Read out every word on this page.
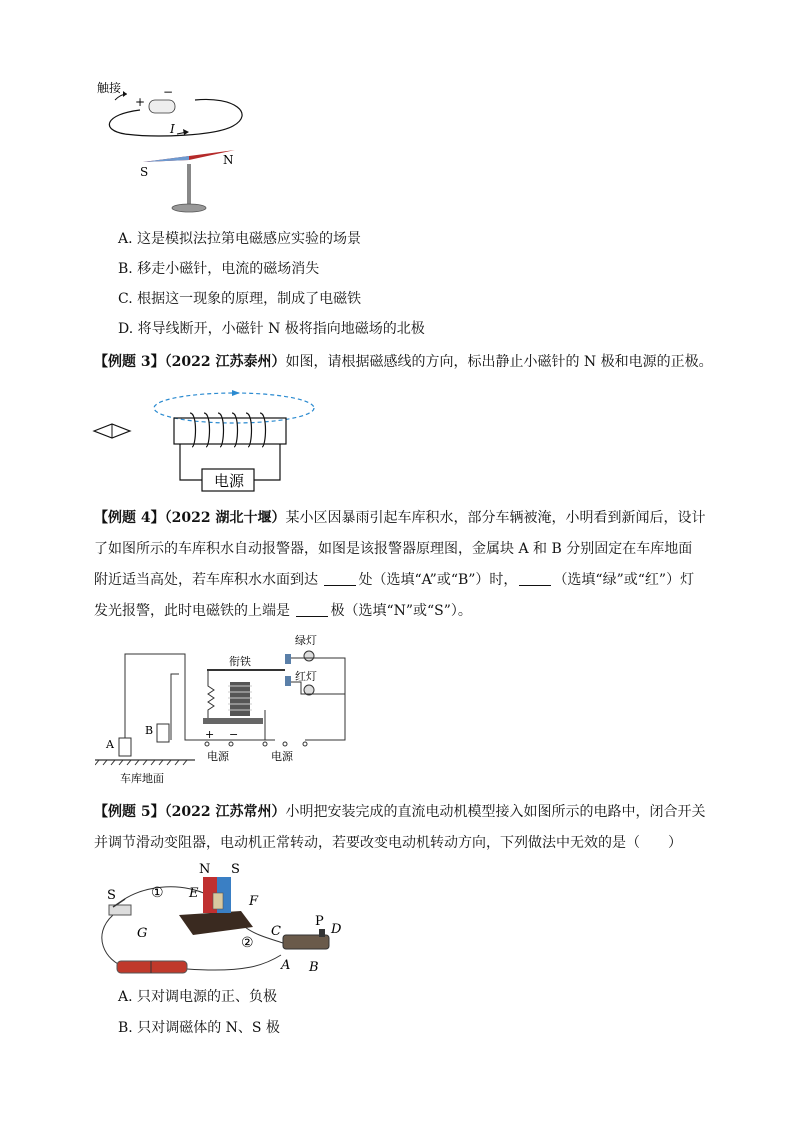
触接
+
−
I
S
N
A. 这是模拟法拉第电磁感应实验的场景
B. 移走小磁针，电流的磁场消失
C. 根据这一现象的原理，制成了电磁铁
D. 将导线断开，小磁针 N 极将指向地磁场的北极
【例题 3】（2022 江苏泰州）如图，请根据磁感线的方向，标出静止小磁针的 N 极和电源的正极。
电源
【例题 4】（2022 湖北十堰）某小区因暴雨引起车库积水，部分车辆被淹，小明看到新闻后，设计了如图所示的车库积水自动报警器，如图是该报警器原理图，金属块 A 和 B 分别固定在车库地面附近适当高处，若车库积水水面到达	处（选填“A”或“B”）时，	（选填“绿”或“红”）灯发光报警，此时电磁铁的上端是	极（选填“N”或“S”）。
A
B
车库地面
衔铁
绿灯
红灯
+ −
电源	电源
【例题 5】（2022 江苏常州）小明把安装完成的直流电动机模型接入如图所示的电路中，闭合开关并调节滑动变阻器，电动机正常转动，若要改变电动机转动方向，下列做法中无效的是（　　）
S
G
①
②
N S
E
F
C
P
D
A B
A. 只对调电源的正、负极
B. 只对调磁体的 N、S 极
